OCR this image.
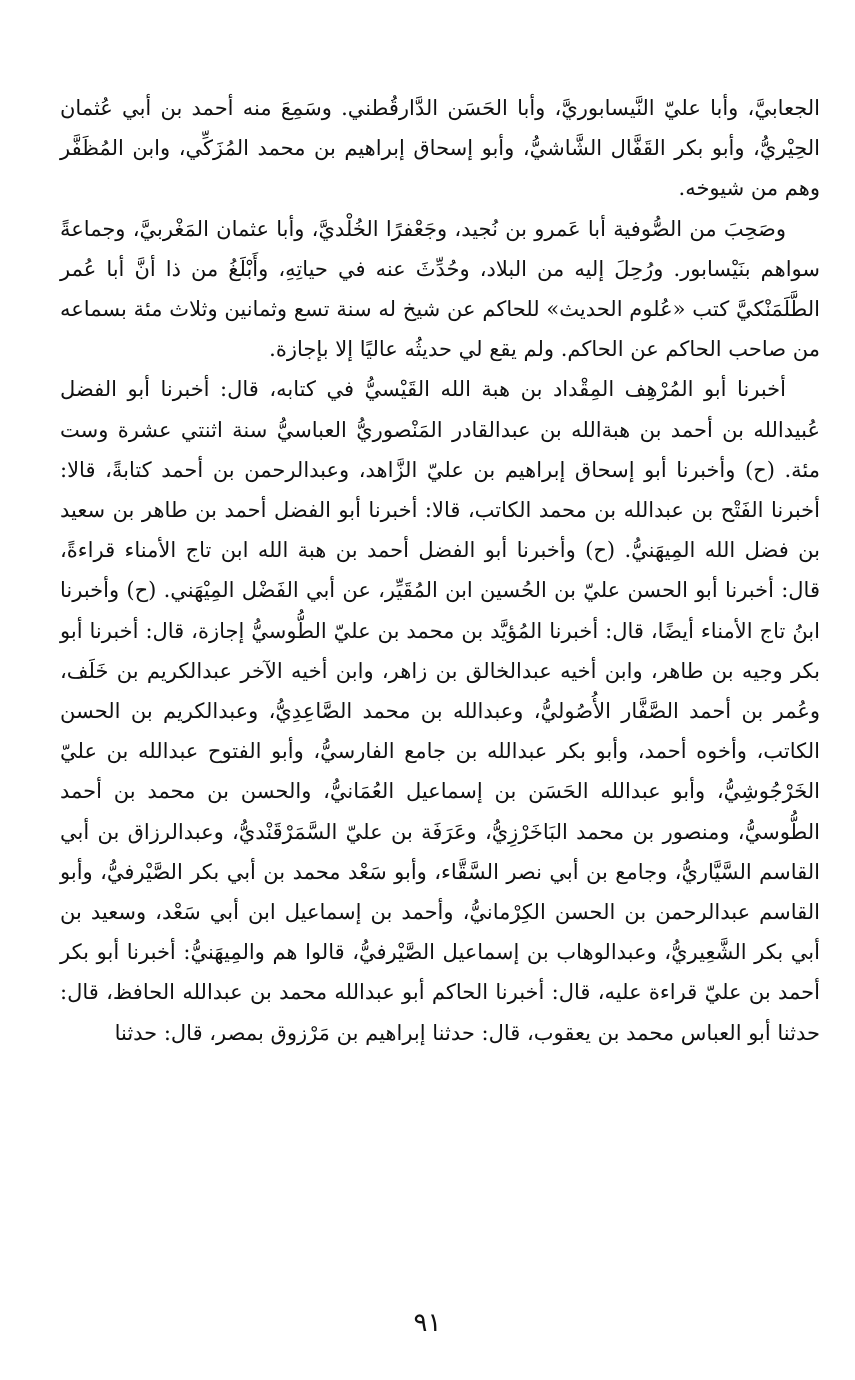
الجعابيَّ، وأبا عليّ النَّيسابوريَّ، وأبا الحَسَن الدَّارقُطني. وسَمِعَ منه أحمد بن أبي عُثمان الحِيْريُّ، وأبو بكر القَفَّال الشَّاشيُّ، وأبو إسحاق إبراهيم بن محمد المُزَكِّي، وابن المُظَفَّر وهم من شيوخه.

وصَحِبَ من الصُّوفية أبا عَمرو بن نُجيد، وجَعْفرًا الخُلْديَّ، وأبا عثمان المَغْربيَّ، وجماعةً سواهم بنَيْسابور. ورُحِلَ إليه من البلاد، وحُدِّثَ عنه في حياتِهِ، وأَبْلَغُ من ذا أنَّ أبا عُمر الطَّلَمَنْكيَّ كتب «عُلوم الحديث» للحاكم عن شيخ له سنة تسع وثمانين وثلاث مئة بسماعه من صاحب الحاكم عن الحاكم. ولم يقع لي حديثُه عاليًا إلا بإجازة.

أخبرنا أبو المُرْهِف المِقْداد بن هبة الله القَيْسيُّ في كتابه، قال: أخبرنا أبو الفضل عُبيدالله بن أحمد بن هبةالله بن عبدالقادر المَنْصوريُّ العباسيُّ سنة اثنتي عشرة وست مئة. (ح) وأخبرنا أبو إسحاق إبراهيم بن عليّ الزَّاهد، وعبدالرحمن بن أحمد كتابةً، قالا: أخبرنا الفَتْح بن عبدالله بن محمد الكاتب، قالا: أخبرنا أبو الفضل أحمد بن طاهر بن سعيد بن فضل الله المِيهَنيُّ. (ح) وأخبرنا أبو الفضل أحمد بن هبة الله ابن تاج الأمناء قراءةً، قال: أخبرنا أبو الحسن عليّ بن الحُسين ابن المُقَيِّر، عن أبي الفَضْل المِيْهَني. (ح) وأخبرنا ابنُ تاج الأمناء أيضًا، قال: أخبرنا المُؤيَّد بن محمد بن عليّ الطُّوسيُّ إجازة، قال: أخبرنا أبو بكر وجيه بن طاهر، وابن أخيه عبدالخالق بن زاهر، وابن أخيه الآخر عبدالكريم بن خَلَف، وعُمر بن أحمد الصَّفَّار الأُصُوليُّ، وعبدالله بن محمد الصَّاعِدِيُّ، وعبدالكريم بن الحسن الكاتب، وأخوه أحمد، وأبو بكر عبدالله بن جامع الفارسيُّ، وأبو الفتوح عبدالله بن عليّ الخَرْجُوشِيُّ، وأبو عبدالله الحَسَن بن إسماعيل العُمَانيُّ، والحسن بن محمد بن أحمد الطُّوسيُّ، ومنصور بن محمد البَاخَرْزِيُّ، وعَرَفَة بن عليّ السَّمَرْقَنْديُّ، وعبدالرزاق بن أبي القاسم السَّيَّاريُّ، وجامع بن أبي نصر السَّقَّاء، وأبو سَعْد محمد بن أبي بكر الصَّيْرفيُّ، وأبو القاسم عبدالرحمن بن الحسن الكِرْمانيُّ، وأحمد بن إسماعيل ابن أبي سَعْد، وسعيد بن أبي بكر الشَّعِيريُّ، وعبدالوهاب بن إسماعيل الصَّيْرفيُّ، قالوا هم والمِيهَنيُّ: أخبرنا أبو بكر أحمد بن عليّ قراءة عليه، قال: أخبرنا الحاكم أبو عبدالله محمد بن عبدالله الحافظ، قال: حدثنا أبو العباس محمد بن يعقوب، قال: حدثنا إبراهيم بن مَرْزوق بمصر، قال: حدثنا

٩١
